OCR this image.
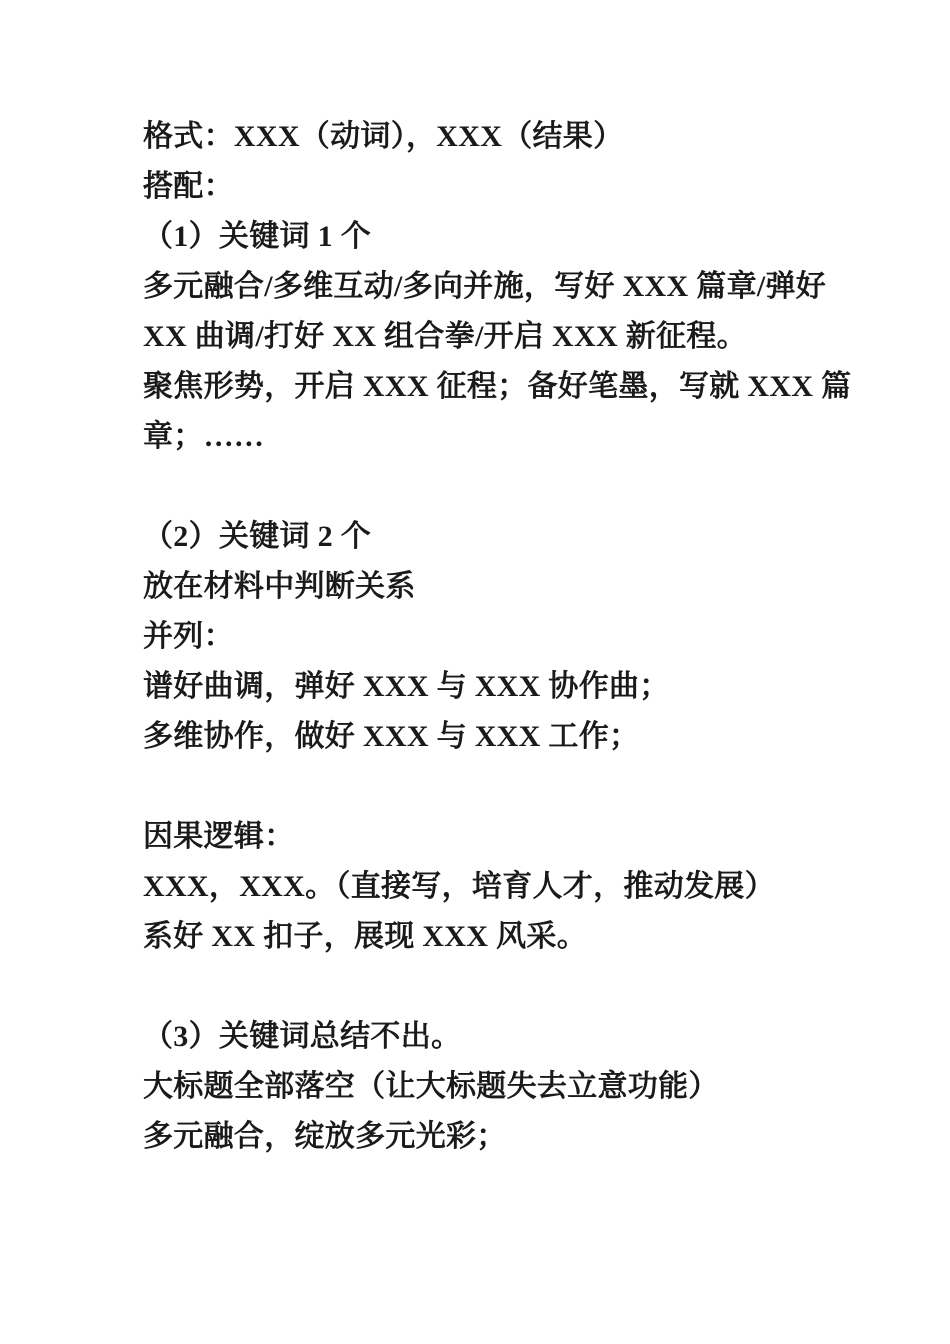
格式：XXX（动词），XXX（结果）
搭配：
（1）关键词 1 个
多元融合/多维互动/多向并施，写好 XXX 篇章/弹好
XX 曲调/打好 XX 组合拳/开启 XXX 新征程。
聚焦形势，开启 XXX 征程；备好笔墨，写就 XXX 篇
章；……
（2）关键词 2 个
放在材料中判断关系
并列：
谱好曲调，弹好 XXX 与 XXX 协作曲；
多维协作，做好 XXX 与 XXX 工作；
因果逻辑：
XXX，XXX。（直接写，培育人才，推动发展）
系好 XX 扣子，展现 XXX 风采。
（3）关键词总结不出。
大标题全部落空（让大标题失去立意功能）
多元融合，绽放多元光彩；
